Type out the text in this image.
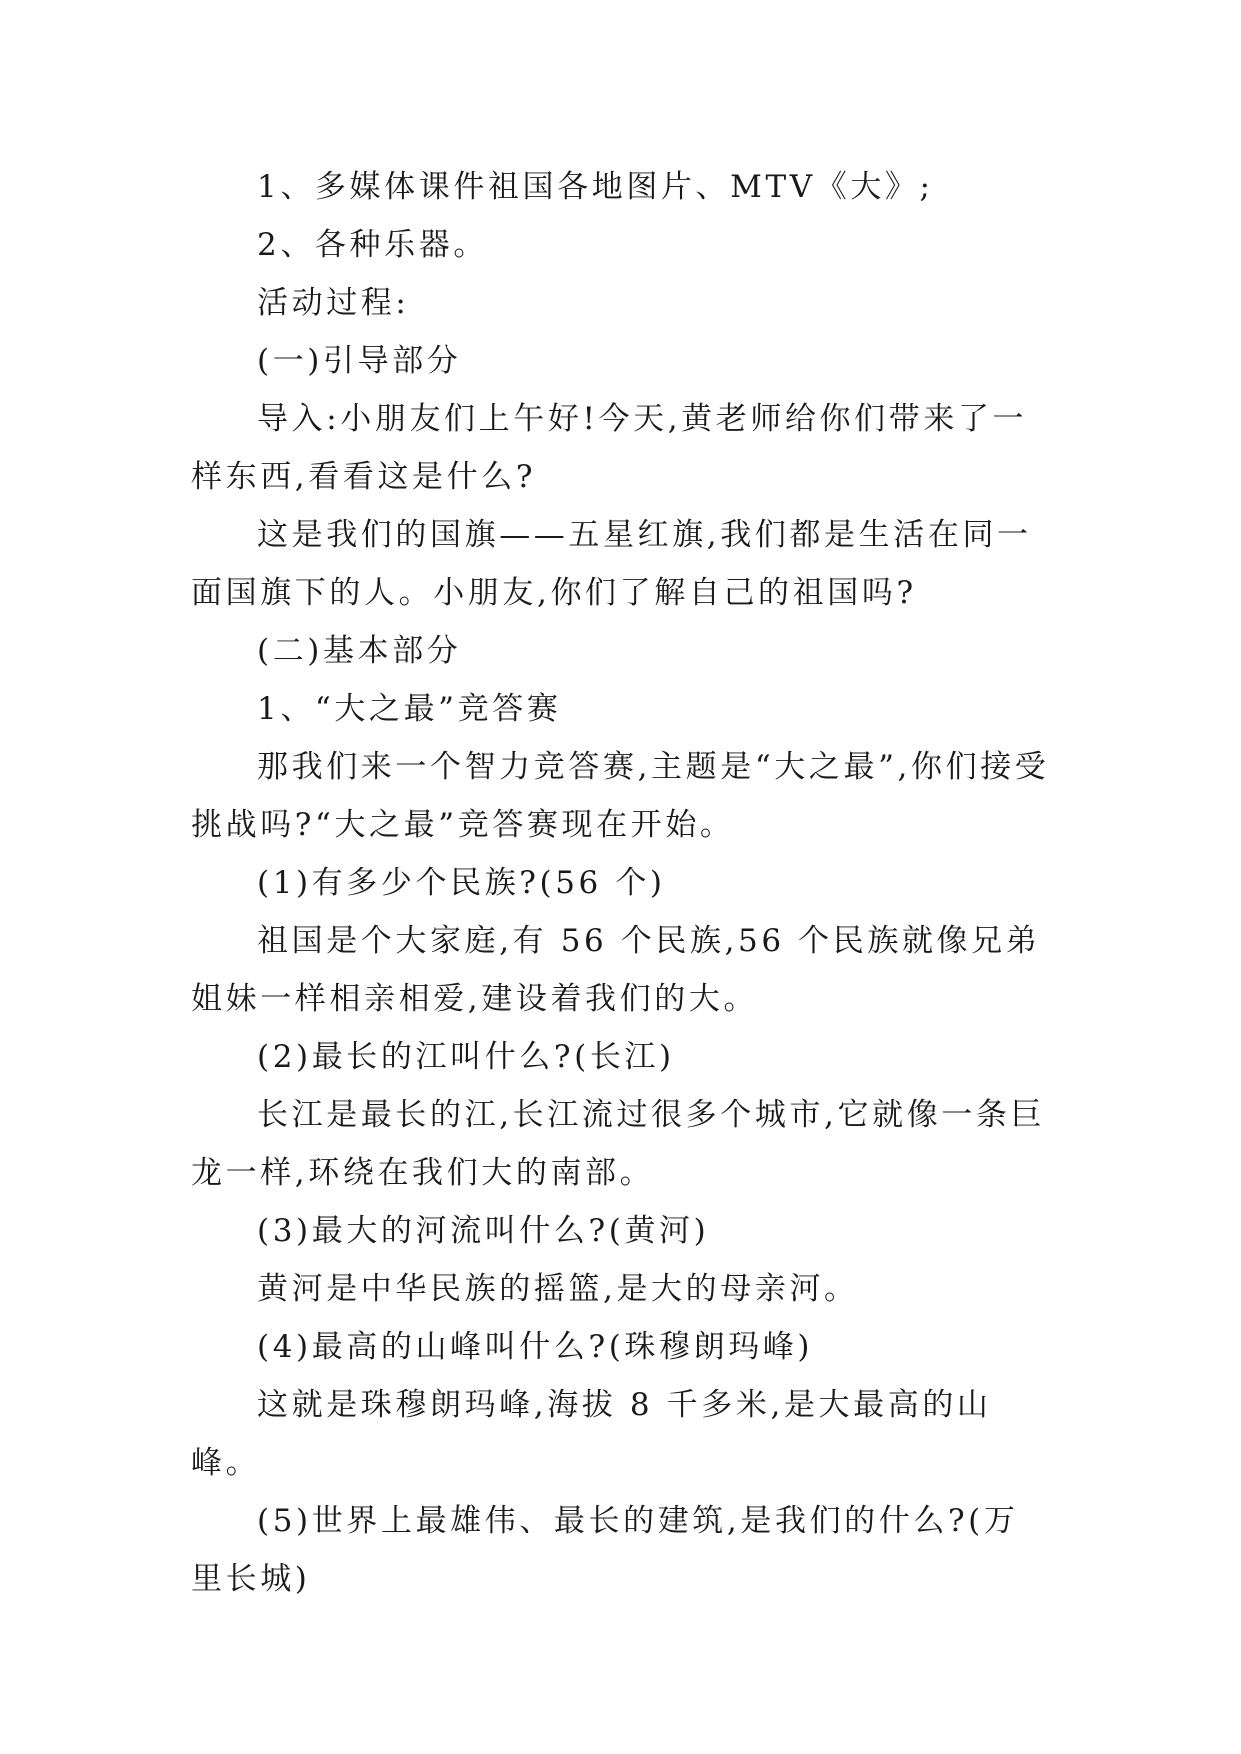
1、多媒体课件祖国各地图片、MTV《大》;

2、各种乐器。

活动过程:

(一)引导部分

导入:小朋友们上午好!今天,黄老师给你们带来了一样东西,看看这是什么?

这是我们的国旗——五星红旗,我们都是生活在同一面国旗下的人。小朋友,你们了解自己的祖国吗?

(二)基本部分

1、“大之最”竞答赛

那我们来一个智力竞答赛,主题是“大之最”,你们接受挑战吗?“大之最”竞答赛现在开始。

(1)有多少个民族?(56 个)

祖国是个大家庭,有 56 个民族,56 个民族就像兄弟姐妹一样相亲相爱,建设着我们的大。

(2)最长的江叫什么?(长江)

长江是最长的江,长江流过很多个城市,它就像一条巨龙一样,环绕在我们大的南部。

(3)最大的河流叫什么?(黄河)

黄河是中华民族的摇篮,是大的母亲河。

(4)最高的山峰叫什么?(珠穆朗玛峰)

这就是珠穆朗玛峰,海拔 8 千多米,是大最高的山峰。

(5)世界上最雄伟、最长的建筑,是我们的什么?(万里长城)
